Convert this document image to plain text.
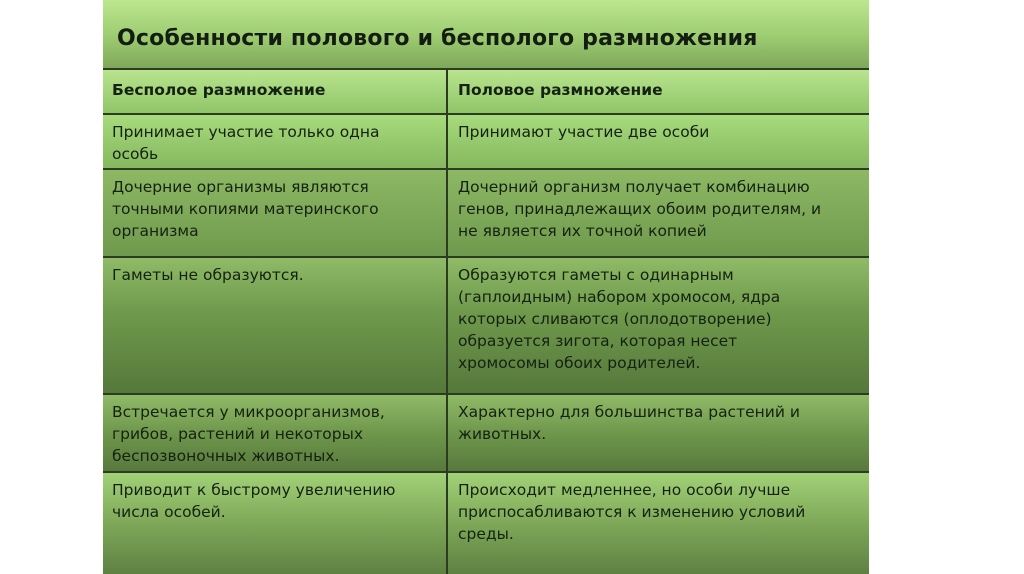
Особенности полового и бесполого размножения
Бесполое размножение	Половое размножение
Принимает участие только одна
особь
Принимают участие две особи
Дочерние организмы являются
точными копиями материнского
организма
Дочерний организм получает комбинацию
генов, принадлежащих обоим родителям, и
не является их точной копией
Гаметы не образуются.	Образуются гаметы с одинарным
(гаплоидным) набором хромосом, ядра
которых сливаются (оплодотворение)
образуется зигота, которая несет
хромосомы обоих родителей.
Встречается у микроорганизмов,
грибов, растений и некоторых
беспозвоночных животных.
Характерно для большинства растений и
животных.
Приводит к быстрому увеличению
числа особей.
Происходит медленнее, но особи лучше
приспосабливаются к изменению условий
среды.
